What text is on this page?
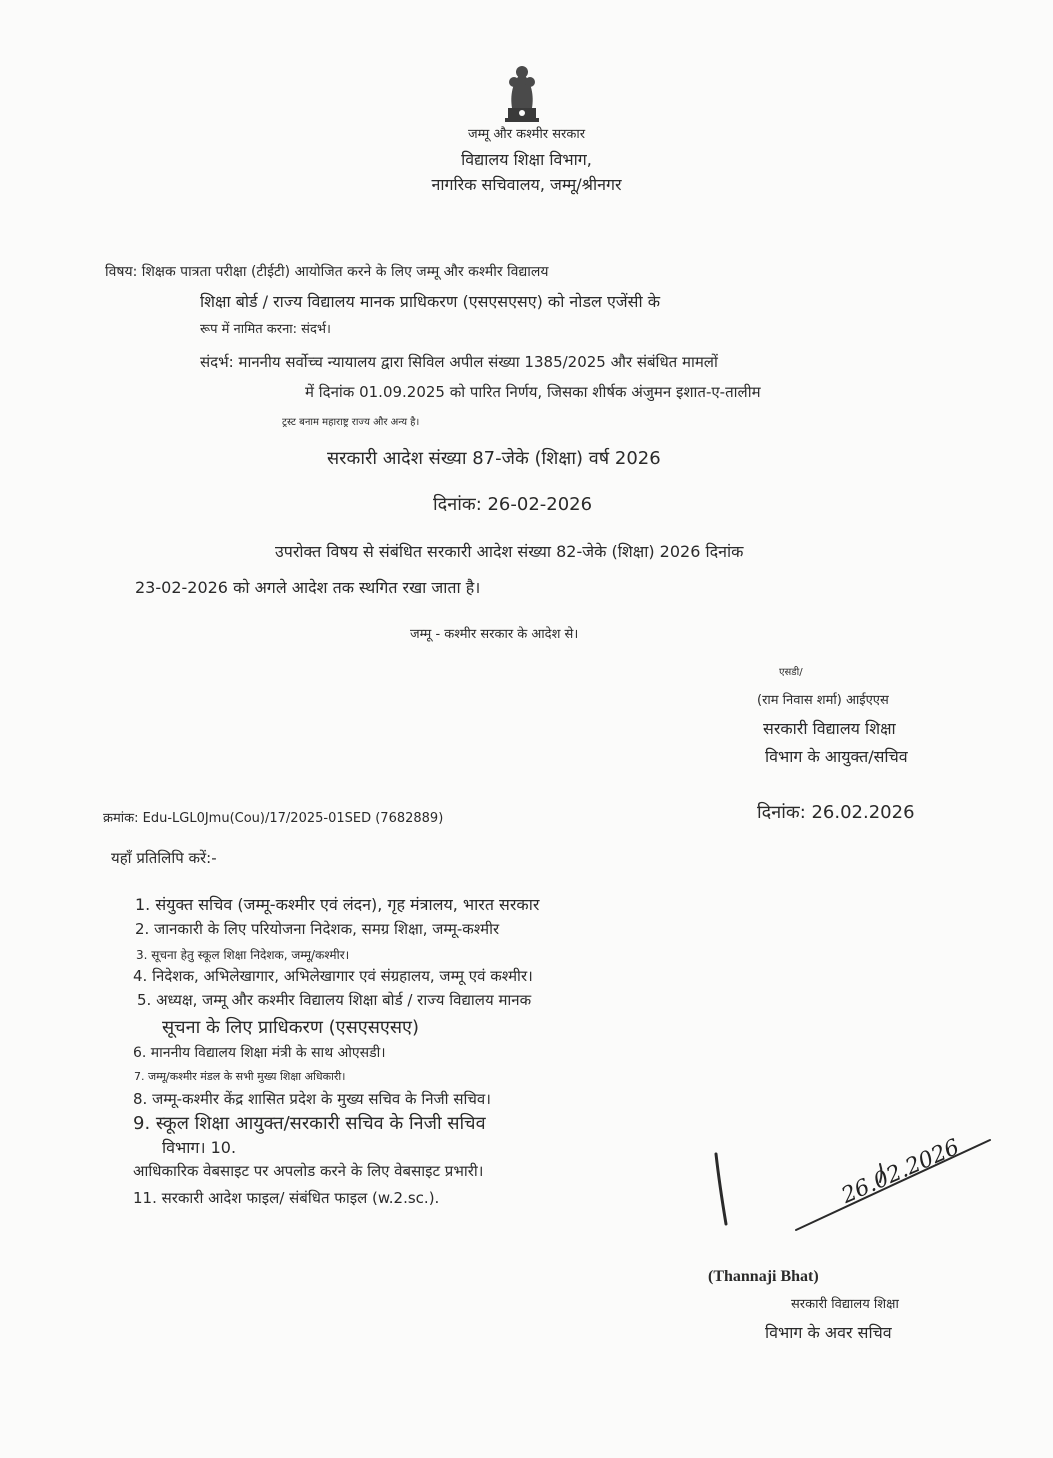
जम्मू और कश्मीर सरकार
विद्यालय शिक्षा विभाग,
नागरिक सचिवालय, जम्मू/श्रीनगर
विषय: शिक्षक पात्रता परीक्षा (टीईटी) आयोजित करने के लिए जम्मू और कश्मीर विद्यालय
शिक्षा बोर्ड / राज्य विद्यालय मानक प्राधिकरण (एसएसएसए) को नोडल एजेंसी के
रूप में नामित करना: संदर्भ।
संदर्भ: माननीय सर्वोच्च न्यायालय द्वारा सिविल अपील संख्या 1385/2025 और संबंधित मामलों
में दिनांक 01.09.2025 को पारित निर्णय, जिसका शीर्षक अंजुमन इशात-ए-तालीम
ट्रस्ट बनाम महाराष्ट्र राज्य और अन्य है।
सरकारी आदेश संख्या 87-जेके (शिक्षा) वर्ष 2026
दिनांक: 26-02-2026
उपरोक्त विषय से संबंधित सरकारी आदेश संख्या 82-जेके (शिक्षा) 2026 दिनांक
23-02-2026 को अगले आदेश तक स्थगित रखा जाता है।
जम्मू - कश्मीर सरकार के आदेश से।
एसडी/
(राम निवास शर्मा) आईएएस
सरकारी विद्यालय शिक्षा
विभाग के आयुक्त/सचिव
क्रमांक: Edu-LGL0Jmu(Cou)/17/2025-01SED (7682889)	दिनांक: 26.02.2026
यहाँ प्रतिलिपि करें:-
1. संयुक्त सचिव (जम्मू-कश्मीर एवं लंदन), गृह मंत्रालय, भारत सरकार
2. जानकारी के लिए परियोजना निदेशक, समग्र शिक्षा, जम्मू-कश्मीर
3. सूचना हेतु स्कूल शिक्षा निदेशक, जम्मू/कश्मीर।
4. निदेशक, अभिलेखागार, अभिलेखागार एवं संग्रहालय, जम्मू एवं कश्मीर।
5. अध्यक्ष, जम्मू और कश्मीर विद्यालय शिक्षा बोर्ड / राज्य विद्यालय मानक
सूचना के लिए प्राधिकरण (एसएसएसए)
6. माननीय विद्यालय शिक्षा मंत्री के साथ ओएसडी।
7. जम्मू/कश्मीर मंडल के सभी मुख्य शिक्षा अधिकारी।
8. जम्मू-कश्मीर केंद्र शासित प्रदेश के मुख्य सचिव के निजी सचिव।
9. स्कूल शिक्षा आयुक्त/सरकारी सचिव के निजी सचिव
विभाग। 10.
आधिकारिक वेबसाइट पर अपलोड करने के लिए वेबसाइट प्रभारी।
11. सरकारी आदेश फाइल/ संबंधित फाइल (w.2.sc.).	26.02.2026
(Thannaji Bhat)
सरकारी विद्यालय शिक्षा
विभाग के अवर सचिव
